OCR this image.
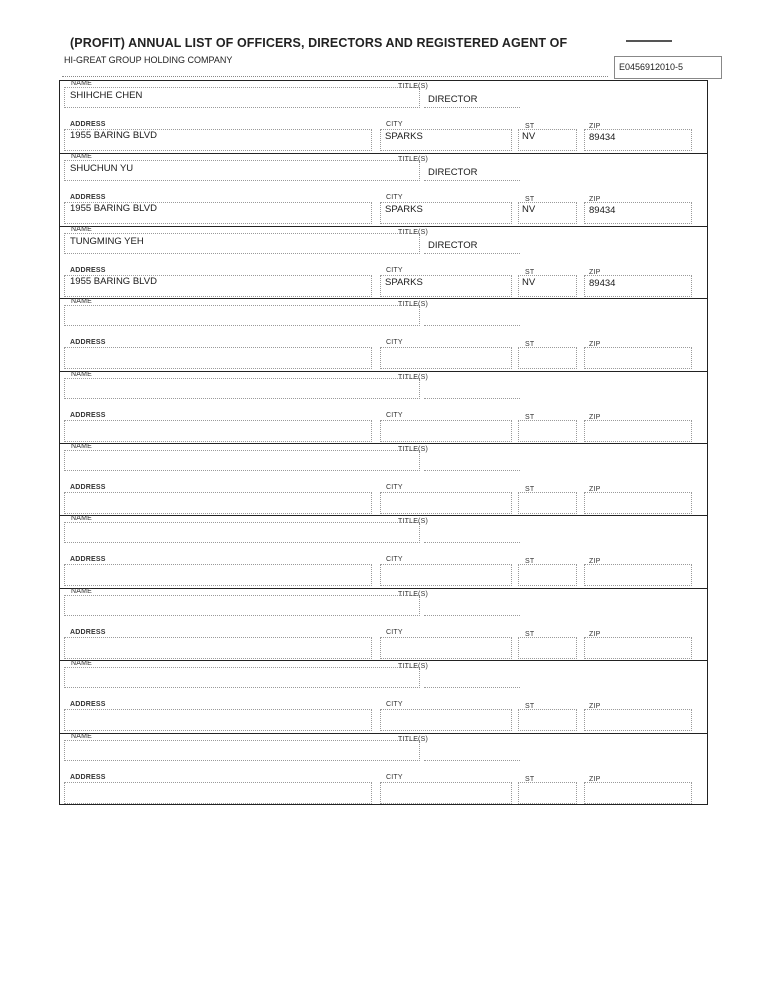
(PROFIT) ANNUAL LIST OF OFFICERS, DIRECTORS AND REGISTERED AGENT OF
HI-GREAT GROUP HOLDING COMPANY
E0456912010-5
NAME
SHIHCHE CHEN
TITLE(S)
DIRECTOR
ADDRESS
1955 BARING BLVD
CITY
SPARKS
ST
NV
ZIP
89434
NAME
SHUCHUN YU
TITLE(S)
DIRECTOR
ADDRESS
1955 BARING BLVD
CITY
SPARKS
ST
NV
ZIP
89434
NAME
TUNGMING YEH
TITLE(S)
DIRECTOR
ADDRESS
1955 BARING BLVD
CITY
SPARKS
ST
NV
ZIP
89434
NAME	TITLE(S)
ADDRESS	CITY	ST	ZIP
NAME	TITLE(S)
ADDRESS	CITY	ST	ZIP
NAME	TITLE(S)
ADDRESS	CITY	ST	ZIP
NAME	TITLE(S)
ADDRESS	CITY	ST	ZIP
NAME	TITLE(S)
ADDRESS	CITY	ST	ZIP
NAME	TITLE(S)
ADDRESS	CITY	ST	ZIP
NAME	TITLE(S)
ADDRESS	CITY	ST	ZIP
